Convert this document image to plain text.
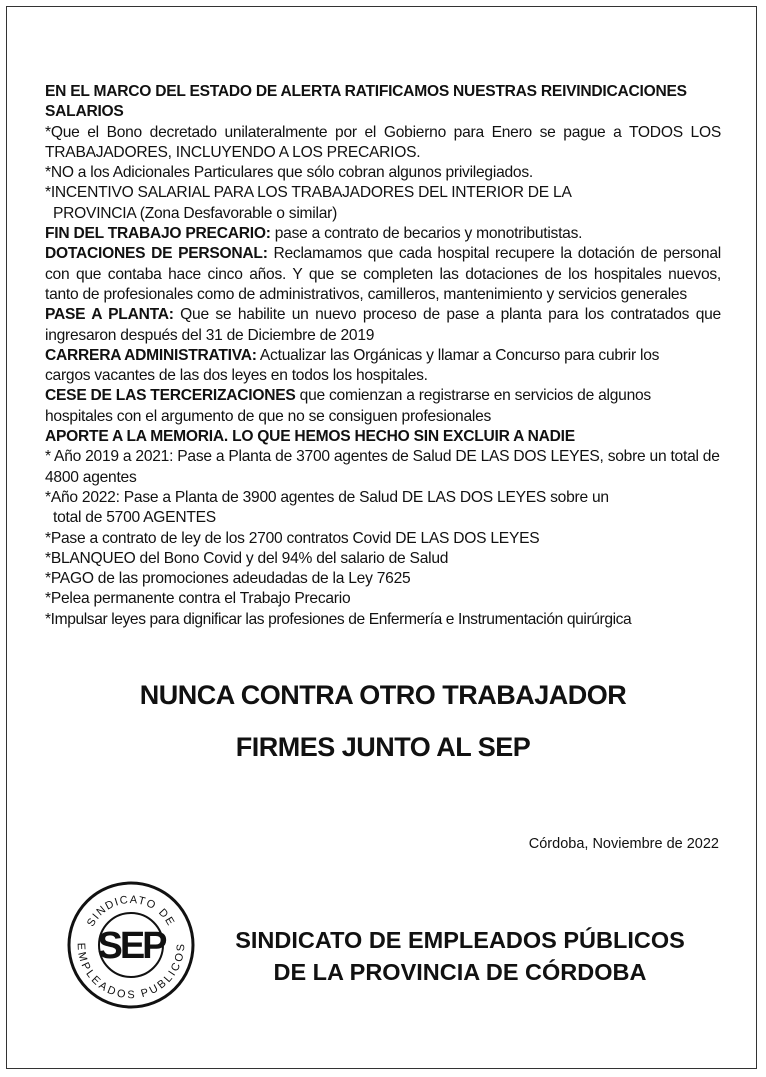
EN EL MARCO DEL ESTADO DE ALERTA RATIFICAMOS NUESTRAS REIVINDICACIONES

SALARIOS

*Que el Bono decretado unilateralmente por el Gobierno para Enero se pague a TODOS LOS TRABAJADORES, INCLUYENDO A LOS PRECARIOS.

*NO a los Adicionales Particulares que sólo cobran algunos privilegiados.

*INCENTIVO SALARIAL PARA LOS TRABAJADORES DEL INTERIOR DE LA

PROVINCIA (Zona Desfavorable o similar)

FIN DEL TRABAJO PRECARIO: pase a contrato de becarios y monotributistas.

DOTACIONES DE PERSONAL: Reclamamos que cada hospital recupere la dotación de personal con que contaba hace cinco años. Y que se completen las dotaciones de los hospitales nuevos, tanto de profesionales como de administrativos, camilleros, mantenimiento y servicios generales

PASE A PLANTA: Que se habilite un nuevo proceso de pase a planta para los contratados que ingresaron después del 31 de Diciembre de 2019

CARRERA ADMINISTRATIVA: Actualizar las Orgánicas y llamar a Concurso para cubrir los cargos vacantes de las dos leyes en todos los hospitales.

CESE DE LAS TERCERIZACIONES que comienzan a registrarse en servicios de algunos hospitales con el argumento de que no se consiguen profesionales

APORTE A LA MEMORIA. LO QUE HEMOS HECHO SIN EXCLUIR A NADIE

* Año 2019 a 2021: Pase a Planta de 3700 agentes de Salud DE LAS DOS LEYES, sobre un total de 4800 agentes

*Año 2022: Pase a Planta de 3900 agentes de Salud DE LAS DOS LEYES sobre un

total de 5700 AGENTES

*Pase a contrato de ley de los 2700 contratos Covid DE LAS DOS LEYES

*BLANQUEO del Bono Covid y del 94% del salario de Salud

*PAGO de las promociones adeudadas de la Ley 7625

*Pelea permanente contra el Trabajo Precario

*Impulsar leyes para dignificar las profesiones de Enfermería e Instrumentación quirúrgica

NUNCA CONTRA OTRO TRABAJADOR
FIRMES JUNTO AL SEP
Córdoba, Noviembre de 2022
SINDICATO DE
EMPLEADOS PUBLICOS
SEP	SINDICATO DE EMPLEADOS PÚBLICOS
DE LA PROVINCIA DE CÓRDOBA
